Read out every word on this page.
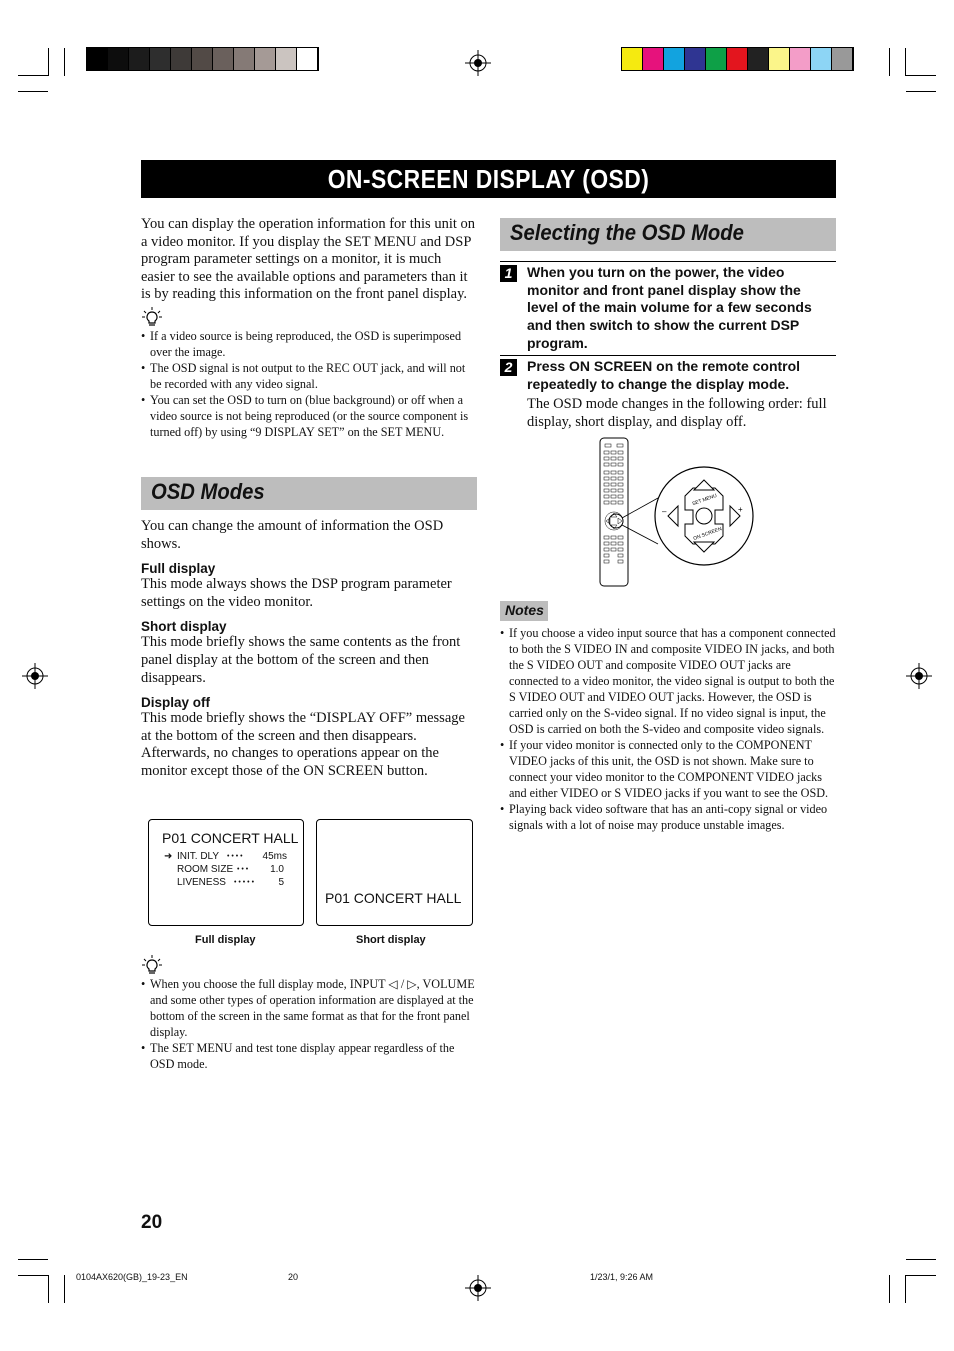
ON-SCREEN DISPLAY (OSD)

You can display the operation information for this unit on a video monitor. If you display the SET MENU and DSP program parameter settings on a monitor, it is much easier to see the available options and parameters than it is by reading this information on the front panel display.

• If a video source is being reproduced, the OSD is superimposed over the image.
• The OSD signal is not output to the REC OUT jack, and will not be recorded with any video signal.
• You can set the OSD to turn on (blue background) or off when a video source is not being reproduced (or the source component is turned off) by using “9 DISPLAY SET” on the SET MENU.
OSD Modes

You can change the amount of information the OSD shows.

Full display

This mode always shows the DSP program parameter settings on the video monitor.

Short display

This mode briefly shows the same contents as the front panel display at the bottom of the screen and then disappears.

Display off

This mode briefly shows the “DISPLAY OFF” message at the bottom of the screen and then disappears. Afterwards, no changes to operations appear on the monitor except those of the ON SCREEN button.

P01 CONCERT HALL
➜ INIT. DLY	• • • •	45ms
ROOM SIZE • • •	1.0
LIVENESS	• • • • •	5
P01 CONCERT HALL
Full display	Short display
• When you choose the full display mode, INPUT ◁ / ▷, VOLUME and some other types of operation information are displayed at the bottom of the screen in the same format as that for the front panel display.
• The SET MENU and test tone display appear regardless of the OSD mode.
Selecting the OSD Mode
1	When you turn on the power, the video monitor and front panel display show the level of the main volume for a few seconds and then switch to show the current DSP program.
2	Press ON SCREEN on the remote control repeatedly to change the display mode.

The OSD mode changes in the following order: full display, short display, and display off.

SET MENU
ON SCREEN
–	+
Notes
• If you choose a video input source that has a component connected to both the S VIDEO IN and composite VIDEO IN jacks, and both the S VIDEO OUT and composite VIDEO OUT jacks are connected to a video monitor, the video signal is output to both the S VIDEO OUT and VIDEO OUT jacks. However, the OSD is carried only on the S-video signal. If no video signal is input, the OSD is carried on both the S-video and composite video signals.
• If your video monitor is connected only to the COMPONENT VIDEO jacks of this unit, the OSD is not shown. Make sure to connect your video monitor to the COMPONENT VIDEO jacks and either VIDEO or S VIDEO jacks if you want to see the OSD.
• Playing back video software that has an anti-copy signal or video signals with a lot of noise may produce unstable images.
20
0104AX620(GB)_19-23_EN	20	1/23/1, 9:26 AM
